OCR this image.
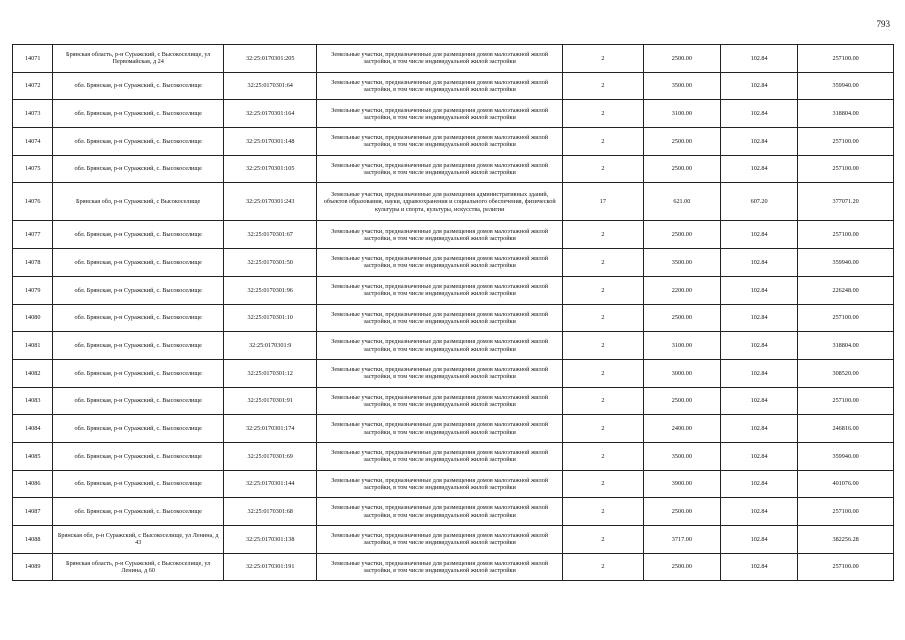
793
14071	Брянская область, р-н Суражский, с Высокоселище, ул Первомайская, д 24	32:25:0170301:205	Земельные участки, предназначенные для размещения домов малоэтажной жилой застройки, в том числе индивидуальной жилой застройки	2	2500.00	102.84	257100.00
14072	обл. Брянская, р-н Суражский, с. Высокоселище	32:25:0170301:64	Земельные участки, предназначенные для размещения домов малоэтажной жилой застройки, в том числе индивидуальной жилой застройки	2	3500.00	102.84	359940.00
14073	обл. Брянская, р-н Суражский, с. Высокоселище	32:25:0170301:164	Земельные участки, предназначенные для размещения домов малоэтажной жилой застройки, в том числе индивидуальной жилой застройки	2	3100.00	102.84	318804.00
14074	обл. Брянская, р-н Суражский, с. Высокоселище	32:25:0170301:148	Земельные участки, предназначенные для размещения домов малоэтажной жилой застройки, в том числе индивидуальной жилой застройки	2	2500.00	102.84	257100.00
14075	обл. Брянская, р-н Суражский, с. Высокоселище	32:25:0170301:105	Земельные участки, предназначенные для размещения домов малоэтажной жилой застройки, в том числе индивидуальной жилой застройки	2	2500.00	102.84	257100.00
14076	Брянская обл, р-н Суражский, с Высокоселище	32:25:0170301:243	Земельные участки, предназначенные для размещения административных зданий, объектов образования, науки, здравоохранения и социального обеспечения, физической культуры и спорта, культуры, искусства, религии	17	621.00	607.20	377071.20
14077	обл. Брянская, р-н Суражский, с. Высокоселище	32:25:0170301:67	Земельные участки, предназначенные для размещения домов малоэтажной жилой застройки, в том числе индивидуальной жилой застройки	2	2500.00	102.84	257100.00
14078	обл. Брянская, р-н Суражский, с. Высокоселище	32:25:0170301:50	Земельные участки, предназначенные для размещения домов малоэтажной жилой застройки, в том числе индивидуальной жилой застройки	2	3500.00	102.84	359940.00
14079	обл. Брянская, р-н Суражский, с. Высокоселище	32:25:0170301:96	Земельные участки, предназначенные для размещения домов малоэтажной жилой застройки, в том числе индивидуальной жилой застройки	2	2200.00	102.84	226248.00
14080	обл. Брянская, р-н Суражский, с. Высокоселище	32:25:0170301:10	Земельные участки, предназначенные для размещения домов малоэтажной жилой застройки, в том числе индивидуальной жилой застройки	2	2500.00	102.84	257100.00
14081	обл. Брянская, р-н Суражский, с. Высокоселище	32:25:0170301:9	Земельные участки, предназначенные для размещения домов малоэтажной жилой застройки, в том числе индивидуальной жилой застройки	2	3100.00	102.84	318804.00
14082	обл. Брянская, р-н Суражский, с. Высокоселище	32:25:0170301:12	Земельные участки, предназначенные для размещения домов малоэтажной жилой застройки, в том числе индивидуальной жилой застройки	2	3000.00	102.84	308520.00
14083	обл. Брянская, р-н Суражский, с. Высокоселище	32:25:0170301:91	Земельные участки, предназначенные для размещения домов малоэтажной жилой застройки, в том числе индивидуальной жилой застройки	2	2500.00	102.84	257100.00
14084	обл. Брянская, р-н Суражский, с. Высокоселище	32:25:0170301:174	Земельные участки, предназначенные для размещения домов малоэтажной жилой застройки, в том числе индивидуальной жилой застройки	2	2400.00	102.84	246816.00
14085	обл. Брянская, р-н Суражский, с. Высокоселище	32:25:0170301:69	Земельные участки, предназначенные для размещения домов малоэтажной жилой застройки, в том числе индивидуальной жилой застройки	2	3500.00	102.84	359940.00
14086	обл. Брянская, р-н Суражский, с. Высокоселище	32:25:0170301:144	Земельные участки, предназначенные для размещения домов малоэтажной жилой застройки, в том числе индивидуальной жилой застройки	2	3900.00	102.84	401076.00
14087	обл. Брянская, р-н Суражский, с. Высокоселище	32:25:0170301:68	Земельные участки, предназначенные для размещения домов малоэтажной жилой застройки, в том числе индивидуальной жилой застройки	2	2500.00	102.84	257100.00
14088	Брянская обл, р-н Суражский, с Высокоселище, ул Ленина, д 43	32:25:0170301:138	Земельные участки, предназначенные для размещения домов малоэтажной жилой застройки, в том числе индивидуальной жилой застройки	2	3717.00	102.84	382256.28
14089	Брянская область, р-н Суражский, с Высокоселище, ул Ленина, д 60	32:25:0170301:191	Земельные участки, предназначенные для размещения домов малоэтажной жилой застройки, в том числе индивидуальной жилой застройки	2	2500.00	102.84	257100.00
